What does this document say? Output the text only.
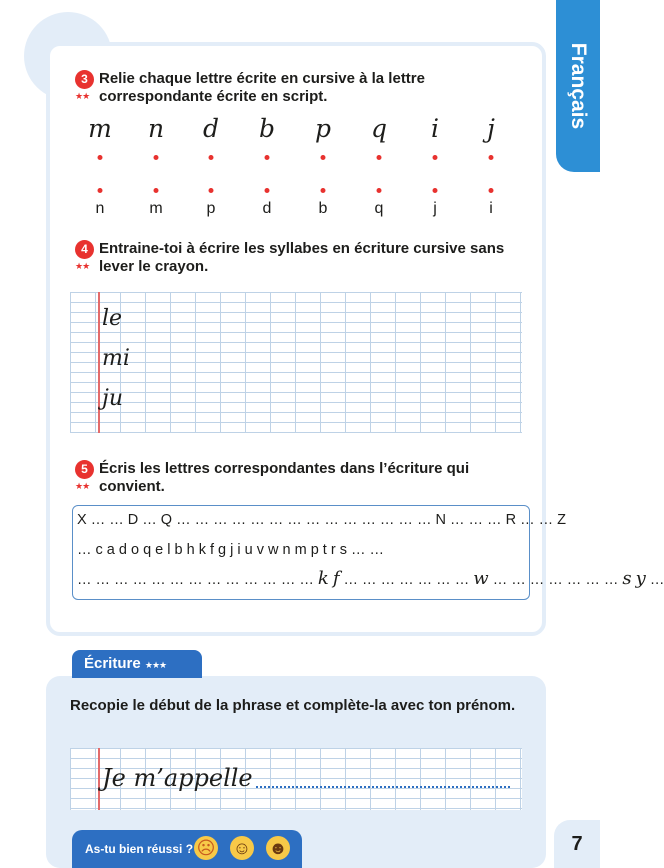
Français
3
★★
Relie chaque lettre écrite en cursive à la lettre correspondante écrite en script.
m
n
n
m
d
p
b
d
p
b
q
q
i
j
j
i
4
★★
Entraine-toi à écrire les syllabes en écriture cursive sans lever le crayon.
le
mi
ju
5
★★
Écris les lettres correspondantes dans l’écriture qui convient.
X … … D … Q … … … … … … … … … … … … … … N … … … R … … Z
… c a d o q e l b h k f g j i u v w n m p t r s … …
… … … … … … … … … … … … … k f … … … … … … … w … … … … … … … s y …
Écriture ★★★
Recopie le début de la phrase et complète-la avec ton prénom.
Je m’appelle
As-tu bien réussi ? ☹ ☺ ☻	7
